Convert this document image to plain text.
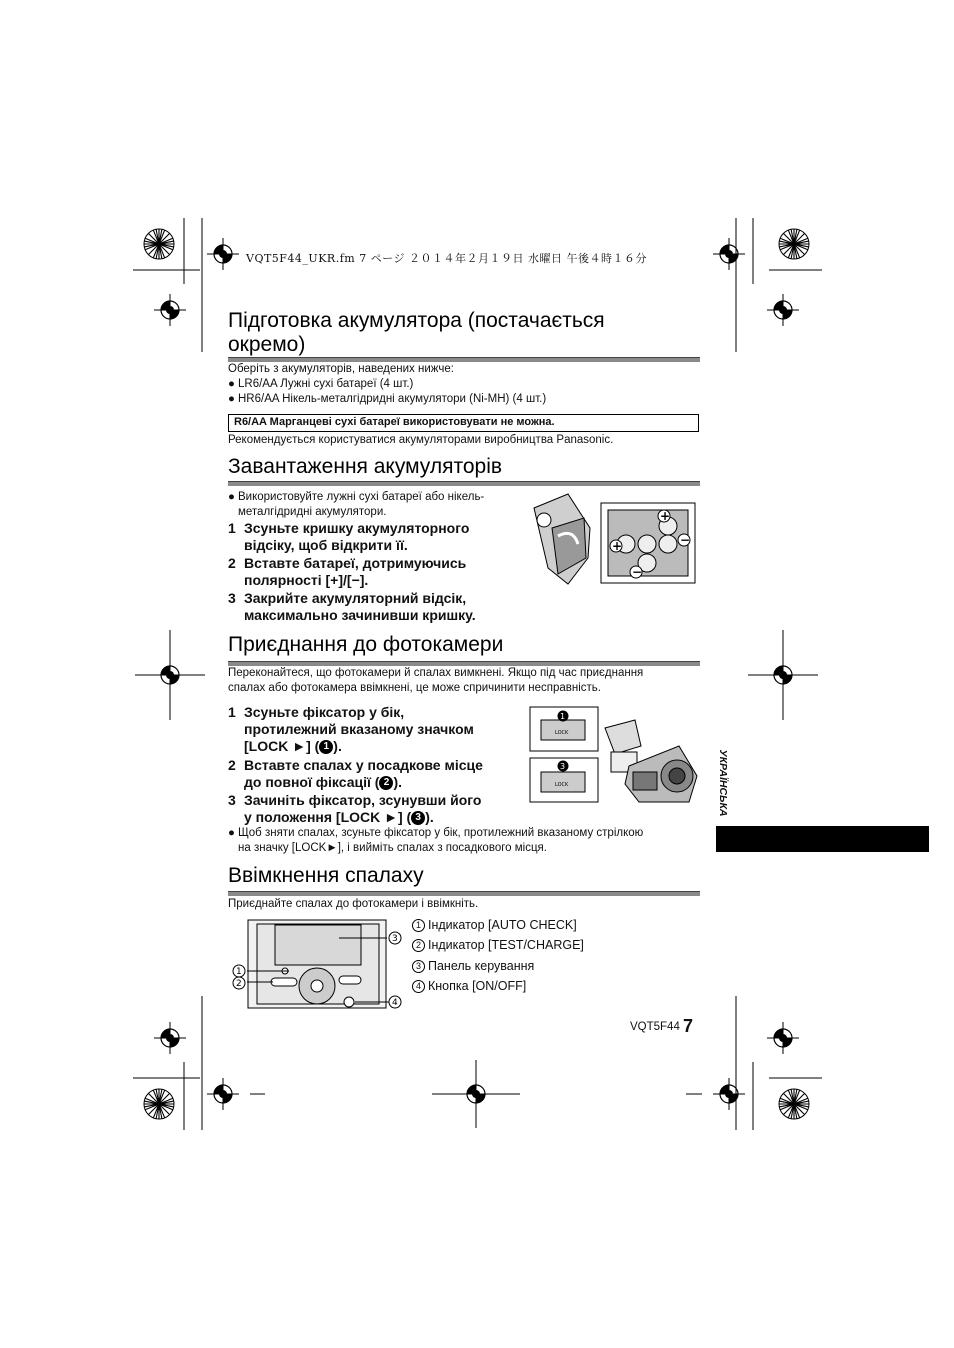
VQT5F44_UKR.fm 7 ページ ２０１４年２月１９日 水曜日 午後４時１６分
Підготовка акумулятора (постачається
окремо)
Оберіть з акумуляторів, наведених нижче:
● LR6/AA Лужні сухі батареї (4 шт.)
● HR6/AA Нікель-металгідридні акумулятори (Ni-MH) (4 шт.)
R6/AA Марганцеві сухі батареї використовувати не можна.
Рекомендується користуватися акумуляторами виробництва Panasonic.
Завантаження акумуляторів
● Використовуйте лужні сухі батареї або нікель-
металгідридні акумулятори.
1 Зсуньте кришку акумуляторного
відсіку, щоб відкрити її.
2 Вставте батареї, дотримуючись
полярності [+]/[−].
3 Закрийте акумуляторний відсік,
максимально зачинивши кришку.
+
−
+
−
Приєднання до фотокамери
Переконайтеся, що фотокамери й спалах вимкнені. Якщо під час приєднання
спалах або фотокамера ввімкнені, це може спричинити несправність.
1 Зсуньте фіксатор у бік,
протилежний вказаному значком
[LOCK ►] ( 1 ).
2 Вставте спалах у посадкове місце
до повної фіксації ( 2 ).
3 Зачиніть фіксатор, зсунувши його
у положення [LOCK ►] ( 3 ).
1
3
LOCK
LOCK
● Щоб зняти спалах, зсуньте фіксатор у бік, протилежний вказаному стрілкою
на значку [LOCK►], і вийміть спалах з посадкового місця.
УКРАЇНСЬКА
Ввімкнення спалаху
Приєднайте спалах до фотокамери і ввімкніть.
1
2
3
4
1 Індикатор [AUTO CHECK]
2 Індикатор [TEST/CHARGE]
3 Панель керування
4 Кнопка [ON/OFF]
VQT5F44 7
